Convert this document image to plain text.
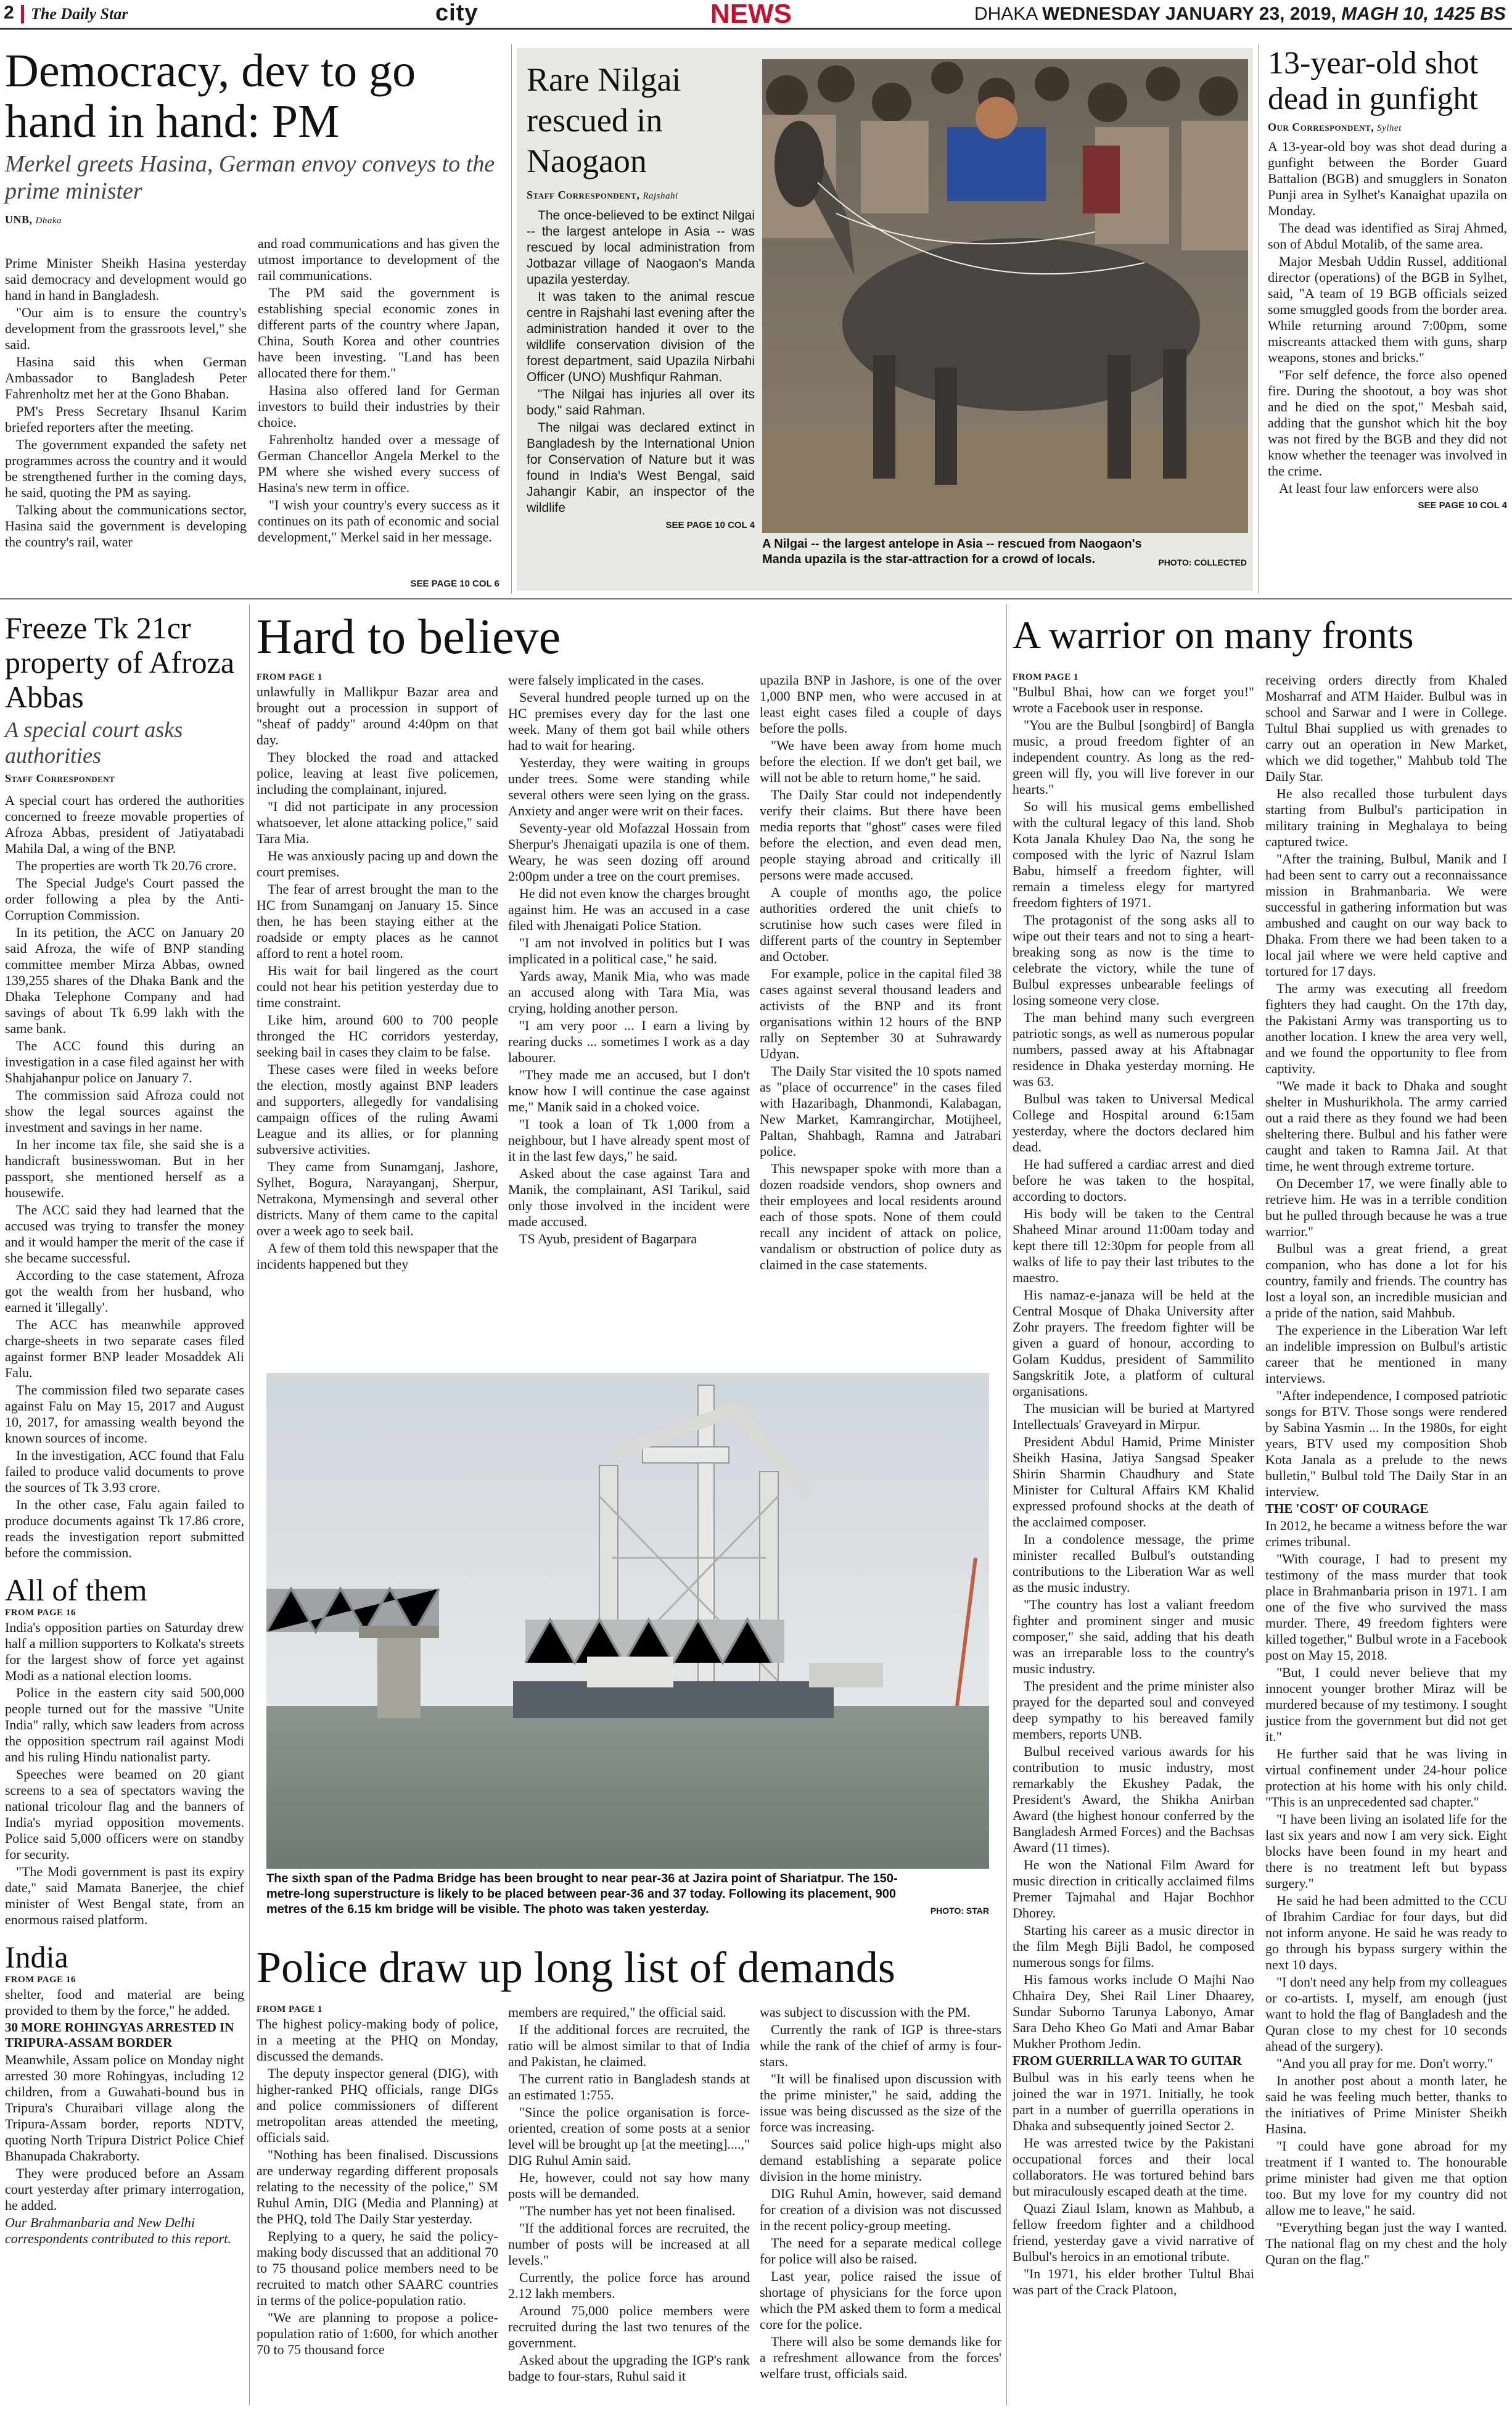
2 The Daily Star	city	NEWS	DHAKA WEDNESDAY JANUARY 23, 2019, MAGH 10, 1425 BS
Democracy, dev to go hand in hand: PM
Merkel greets Hasina, German envoy conveys to the prime minister
UNB, Dhaka

Prime Minister Sheikh Hasina yesterday said democracy and development would go hand in hand in Bangladesh.

"Our aim is to ensure the country's development from the grassroots level," she said.

Hasina said this when German Ambassador to Bangladesh Peter Fahrenholtz met her at the Gono Bhaban.

PM's Press Secretary Ihsanul Karim briefed reporters after the meeting.

The government expanded the safety net programmes across the country and it would be strengthened further in the coming days, he said, quoting the PM as saying.

Talking about the communications sector, Hasina said the government is developing the country's rail, water

and road communications and has given the utmost importance to development of the rail communications.

The PM said the government is establishing special economic zones in different parts of the country where Japan, China, South Korea and other countries have been investing. "Land has been allocated there for them."

Hasina also offered land for German investors to build their industries by their choice.

Fahrenholtz handed over a message of German Chancellor Angela Merkel to the PM where she wished every success of Hasina's new term in office.

"I wish your country's every success as it continues on its path of economic and social development," Merkel said in her message.

SEE PAGE 10 COL 6
Rare Nilgai rescued in Naogaon
Staff Correspondent, Rajshahi

The once-believed to be extinct Nilgai -- the largest antelope in Asia -- was rescued by local administration from Jotbazar village of Naogaon's Manda upazila yesterday.

It was taken to the animal rescue centre in Rajshahi last evening after the administration handed it over to the wildlife conservation division of the forest department, said Upazila Nirbahi Officer (UNO) Mushfiqur Rahman.

"The Nilgai has injuries all over its body," said Rahman.

The nilgai was declared extinct in Bangladesh by the International Union for Conservation of Nature but it was found in India's West Bengal, said Jahangir Kabir, an inspector of the wildlife

SEE PAGE 10 COL 4
PHOTO: COLLECTED
A Nilgai -- the largest antelope in Asia -- rescued from Naogaon's Manda upazila is the star-attraction for a crowd of locals.
13-year-old shot dead in gunfight
Our Correspondent, Sylhet

A 13-year-old boy was shot dead during a gunfight between the Border Guard Battalion (BGB) and smugglers in Sonaton Punji area in Sylhet's Kanaighat upazila on Monday.

The dead was identified as Siraj Ahmed, son of Abdul Motalib, of the same area.

Major Mesbah Uddin Russel, additional director (operations) of the BGB in Sylhet, said, "A team of 19 BGB officials seized some smuggled goods from the border area. While returning around 7:00pm, some miscreants attacked them with guns, sharp weapons, stones and bricks."

"For self defence, the force also opened fire. During the shootout, a boy was shot and he died on the spot," Mesbah said, adding that the gunshot which hit the boy was not fired by the BGB and they did not know whether the teenager was involved in the crime.

At least four law enforcers were also

SEE PAGE 10 COL 4
Freeze Tk 21cr property of Afroza Abbas
A special court asks authorities
Staff Correspondent

A special court has ordered the authorities concerned to freeze movable properties of Afroza Abbas, president of Jatiyatabadi Mahila Dal, a wing of the BNP.

The properties are worth Tk 20.76 crore.

The Special Judge's Court passed the order following a plea by the Anti-Corruption Commission.

In its petition, the ACC on January 20 said Afroza, the wife of BNP standing committee member Mirza Abbas, owned 139,255 shares of the Dhaka Bank and the Dhaka Telephone Company and had savings of about Tk 6.99 lakh with the same bank.

The ACC found this during an investigation in a case filed against her with Shahjahanpur police on January 7.

The commission said Afroza could not show the legal sources against the investment and savings in her name.

In her income tax file, she said she is a handicraft businesswoman. But in her passport, she mentioned herself as a housewife.

The ACC said they had learned that the accused was trying to transfer the money and it would hamper the merit of the case if she became successful.

According to the case statement, Afroza got the wealth from her husband, who earned it 'illegally'.

The ACC has meanwhile approved charge-sheets in two separate cases filed against former BNP leader Mosaddek Ali Falu.

The commission filed two separate cases against Falu on May 15, 2017 and August 10, 2017, for amassing wealth beyond the known sources of income.

In the investigation, ACC found that Falu failed to produce valid documents to prove the sources of Tk 3.93 crore.

In the other case, Falu again failed to produce documents against Tk 17.86 crore, reads the investigation report submitted before the commission.

All of them
FROM PAGE 16

India's opposition parties on Saturday drew half a million supporters to Kolkata's streets for the largest show of force yet against Modi as a national election looms.

Police in the eastern city said 500,000 people turned out for the massive "Unite India" rally, which saw leaders from across the opposition spectrum rail against Modi and his ruling Hindu nationalist party.

Speeches were beamed on 20 giant screens to a sea of spectators waving the national tricolour flag and the banners of India's myriad opposition movements. Police said 5,000 officers were on standby for security.

"The Modi government is past its expiry date," said Mamata Banerjee, the chief minister of West Bengal state, from an enormous raised platform.

India
FROM PAGE 16

shelter, food and material are being provided to them by the force," he added.

30 MORE ROHINGYAS ARRESTED IN TRIPURA-ASSAM BORDER

Meanwhile, Assam police on Monday night arrested 30 more Rohingyas, including 12 children, from a Guwahati-bound bus in Tripura's Churaibari village along the Tripura-Assam border, reports NDTV, quoting North Tripura District Police Chief Bhanupada Chakraborty.

They were produced before an Assam court yesterday after primary interrogation, he added.

Our Brahmanbaria and New Delhi correspondents contributed to this report.
Hard to believe
FROM PAGE 1

unlawfully in Mallikpur Bazar area and brought out a procession in support of "sheaf of paddy" around 4:40pm on that day.

They blocked the road and attacked police, leaving at least five policemen, including the complainant, injured.

"I did not participate in any procession whatsoever, let alone attacking police," said Tara Mia.

He was anxiously pacing up and down the court premises.

The fear of arrest brought the man to the HC from Sunamganj on January 15. Since then, he has been staying either at the roadside or empty places as he cannot afford to rent a hotel room.

His wait for bail lingered as the court could not hear his petition yesterday due to time constraint.

Like him, around 600 to 700 people thronged the HC corridors yesterday, seeking bail in cases they claim to be false.

These cases were filed in weeks before the election, mostly against BNP leaders and supporters, allegedly for vandalising campaign offices of the ruling Awami League and its allies, or for planning subversive activities.

They came from Sunamganj, Jashore, Sylhet, Bogura, Narayanganj, Sherpur, Netrakona, Mymensingh and several other districts. Many of them came to the capital over a week ago to seek bail.

A few of them told this newspaper that the incidents happened but they

were falsely implicated in the cases.

Several hundred people turned up on the HC premises every day for the last one week. Many of them got bail while others had to wait for hearing.

Yesterday, they were waiting in groups under trees. Some were standing while several others were seen lying on the grass. Anxiety and anger were writ on their faces.

Seventy-year old Mofazzal Hossain from Sherpur's Jhenaigati upazila is one of them. Weary, he was seen dozing off around 2:00pm under a tree on the court premises.

He did not even know the charges brought against him. He was an accused in a case filed with Jhenaigati Police Station.

"I am not involved in politics but I was implicated in a political case," he said.

Yards away, Manik Mia, who was made an accused along with Tara Mia, was crying, holding another person.

"I am very poor ... I earn a living by rearing ducks ... sometimes I work as a day labourer.

"They made me an accused, but I don't know how I will continue the case against me," Manik said in a choked voice.

"I took a loan of Tk 1,000 from a neighbour, but I have already spent most of it in the last few days," he said.

Asked about the case against Tara and Manik, the complainant, ASI Tarikul, said only those involved in the incident were made accused.

TS Ayub, president of Bagarpara

upazila BNP in Jashore, is one of the over 1,000 BNP men, who were accused in at least eight cases filed a couple of days before the polls.

"We have been away from home much before the election. If we don't get bail, we will not be able to return home," he said.

The Daily Star could not independently verify their claims. But there have been media reports that "ghost" cases were filed before the election, and even dead men, people staying abroad and critically ill persons were made accused.

A couple of months ago, the police authorities ordered the unit chiefs to scrutinise how such cases were filed in different parts of the country in September and October.

For example, police in the capital filed 38 cases against several thousand leaders and activists of the BNP and its front organisations within 12 hours of the BNP rally on September 30 at Suhrawardy Udyan.

The Daily Star visited the 10 spots named as "place of occurrence" in the cases filed with Hazaribagh, Dhanmondi, Kalabagan, New Market, Kamrangirchar, Motijheel, Paltan, Shahbagh, Ramna and Jatrabari police.

This newspaper spoke with more than a dozen roadside vendors, shop owners and their employees and local residents around each of those spots. None of them could recall any incident of attack on police, vandalism or obstruction of police duty as claimed in the case statements.

PHOTO: STAR
The sixth span of the Padma Bridge has been brought to near pear-36 at Jazira point of Shariatpur. The 150-metre-long superstructure is likely to be placed between pear-36 and 37 today. Following its placement, 900 metres of the 6.15 km bridge will be visible. The photo was taken yesterday.
Police draw up long list of demands
FROM PAGE 1

The highest policy-making body of police, in a meeting at the PHQ on Monday, discussed the demands.

The deputy inspector general (DIG), with higher-ranked PHQ officials, range DIGs and police commissioners of different metropolitan areas attended the meeting, officials said.

"Nothing has been finalised. Discussions are underway regarding different proposals relating to the necessity of the police," SM Ruhul Amin, DIG (Media and Planning) at the PHQ, told The Daily Star yesterday.

Replying to a query, he said the policy-making body discussed that an additional 70 to 75 thousand police members need to be recruited to match other SAARC countries in terms of the police-population ratio.

"We are planning to propose a police-population ratio of 1:600, for which another 70 to 75 thousand force

members are required," the official said.

If the additional forces are recruited, the ratio will be almost similar to that of India and Pakistan, he claimed.

The current ratio in Bangladesh stands at an estimated 1:755.

"Since the police organisation is force-oriented, creation of some posts at a senior level will be brought up [at the meeting]....," DIG Ruhul Amin said.

He, however, could not say how many posts will be demanded.

"The number has yet not been finalised.

"If the additional forces are recruited, the number of posts will be increased at all levels."

Currently, the police force has around 2.12 lakh members.

Around 75,000 police members were recruited during the last two tenures of the government.

Asked about the upgrading the IGP's rank badge to four-stars, Ruhul said it

was subject to discussion with the PM.

Currently the rank of IGP is three-stars while the rank of the chief of army is four-stars.

"It will be finalised upon discussion with the prime minister," he said, adding the issue was being discussed as the size of the force was increasing.

Sources said police high-ups might also demand establishing a separate police division in the home ministry.

DIG Ruhul Amin, however, said demand for creation of a division was not discussed in the recent policy-group meeting.

The need for a separate medical college for police will also be raised.

Last year, police raised the issue of shortage of physicians for the force upon which the PM asked them to form a medical core for the police.

There will also be some demands like for a refreshment allowance from the forces' welfare trust, officials said.

A warrior on many fronts
FROM PAGE 1

"Bulbul Bhai, how can we forget you!" wrote a Facebook user in response.

"You are the Bulbul [songbird] of Bangla music, a proud freedom fighter of an independent country. As long as the red-green will fly, you will live forever in our hearts."

So will his musical gems embellished with the cultural legacy of this land. Shob Kota Janala Khuley Dao Na, the song he composed with the lyric of Nazrul Islam Babu, himself a freedom fighter, will remain a timeless elegy for martyred freedom fighters of 1971.

The protagonist of the song asks all to wipe out their tears and not to sing a heart-breaking song as now is the time to celebrate the victory, while the tune of Bulbul expresses unbearable feelings of losing someone very close.

The man behind many such evergreen patriotic songs, as well as numerous popular numbers, passed away at his Aftabnagar residence in Dhaka yesterday morning. He was 63.

Bulbul was taken to Universal Medical College and Hospital around 6:15am yesterday, where the doctors declared him dead.

He had suffered a cardiac arrest and died before he was taken to the hospital, according to doctors.

His body will be taken to the Central Shaheed Minar around 11:00am today and kept there till 12:30pm for people from all walks of life to pay their last tributes to the maestro.

His namaz-e-janaza will be held at the Central Mosque of Dhaka University after Zohr prayers. The freedom fighter will be given a guard of honour, according to Golam Kuddus, president of Sammilito Sangskritik Jote, a platform of cultural organisations.

The musician will be buried at Martyred Intellectuals' Graveyard in Mirpur.

President Abdul Hamid, Prime Minister Sheikh Hasina, Jatiya Sangsad Speaker Shirin Sharmin Chaudhury and State Minister for Cultural Affairs KM Khalid expressed profound shocks at the death of the acclaimed composer.

In a condolence message, the prime minister recalled Bulbul's outstanding contributions to the Liberation War as well as the music industry.

"The country has lost a valiant freedom fighter and prominent singer and music composer," she said, adding that his death was an irreparable loss to the country's music industry.

The president and the prime minister also prayed for the departed soul and conveyed deep sympathy to his bereaved family members, reports UNB.

Bulbul received various awards for his contribution to music industry, most remarkably the Ekushey Padak, the President's Award, the Shikha Anirban Award (the highest honour conferred by the Bangladesh Armed Forces) and the Bachsas Award (11 times).

He won the National Film Award for music direction in critically acclaimed films Premer Tajmahal and Hajar Bochhor Dhorey.

Starting his career as a music director in the film Megh Bijli Badol, he composed numerous songs for films.

His famous works include O Majhi Nao Chhaira Dey, Shei Rail Liner Dhaarey, Sundar Suborno Tarunya Labonyo, Amar Sara Deho Kheo Go Mati and Amar Babar Mukher Prothom Jedin.

FROM GUERRILLA WAR TO GUITAR

Bulbul was in his early teens when he joined the war in 1971. Initially, he took part in a number of guerrilla operations in Dhaka and subsequently joined Sector 2.

He was arrested twice by the Pakistani occupational forces and their local collaborators. He was tortured behind bars but miraculously escaped death at the time.

Quazi Ziaul Islam, known as Mahbub, a fellow freedom fighter and a childhood friend, yesterday gave a vivid narrative of Bulbul's heroics in an emotional tribute.

"In 1971, his elder brother Tultul Bhai was part of the Crack Platoon,

receiving orders directly from Khaled Mosharraf and ATM Haider. Bulbul was in school and Sarwar and I were in College. Tultul Bhai supplied us with grenades to carry out an operation in New Market, which we did together," Mahbub told The Daily Star.

He also recalled those turbulent days starting from Bulbul's participation in military training in Meghalaya to being captured twice.

"After the training, Bulbul, Manik and I had been sent to carry out a reconnaissance mission in Brahmanbaria. We were successful in gathering information but was ambushed and caught on our way back to Dhaka. From there we had been taken to a local jail where we were held captive and tortured for 17 days.

The army was executing all freedom fighters they had caught. On the 17th day, the Pakistani Army was transporting us to another location. I knew the area very well, and we found the opportunity to flee from captivity.

"We made it back to Dhaka and sought shelter in Mushurikhola. The army carried out a raid there as they found we had been sheltering there. Bulbul and his father were caught and taken to Ramna Jail. At that time, he went through extreme torture.

On December 17, we were finally able to retrieve him. He was in a terrible condition but he pulled through because he was a true warrior."

Bulbul was a great friend, a great companion, who has done a lot for his country, family and friends. The country has lost a loyal son, an incredible musician and a pride of the nation, said Mahbub.

The experience in the Liberation War left an indelible impression on Bulbul's artistic career that he mentioned in many interviews.

"After independence, I composed patriotic songs for BTV. Those songs were rendered by Sabina Yasmin ... In the 1980s, for eight years, BTV used my composition Shob Kota Janala as a prelude to the news bulletin," Bulbul told The Daily Star in an interview.

THE 'COST' OF COURAGE

In 2012, he became a witness before the war crimes tribunal.

"With courage, I had to present my testimony of the mass murder that took place in Brahmanbaria prison in 1971. I am one of the five who survived the mass murder. There, 49 freedom fighters were killed together," Bulbul wrote in a Facebook post on May 15, 2018.

"But, I could never believe that my innocent younger brother Miraz will be murdered because of my testimony. I sought justice from the government but did not get it."

He further said that he was living in virtual confinement under 24-hour police protection at his home with his only child. "This is an unprecedented sad chapter."

"I have been living an isolated life for the last six years and now I am very sick. Eight blocks have been found in my heart and there is no treatment left but bypass surgery."

He said he had been admitted to the CCU of Ibrahim Cardiac for four days, but did not inform anyone. He said he was ready to go through his bypass surgery within the next 10 days.

"I don't need any help from my colleagues or co-artists. I, myself, am enough (just want to hold the flag of Bangladesh and the Quran close to my chest for 10 seconds ahead of the surgery).

"And you all pray for me. Don't worry."

In another post about a month later, he said he was feeling much better, thanks to the initiatives of Prime Minister Sheikh Hasina.

"I could have gone abroad for my treatment if I wanted to. The honourable prime minister had given me that option too. But my love for my country did not allow me to leave," he said.

"Everything began just the way I wanted. The national flag on my chest and the holy Quran on the flag."
